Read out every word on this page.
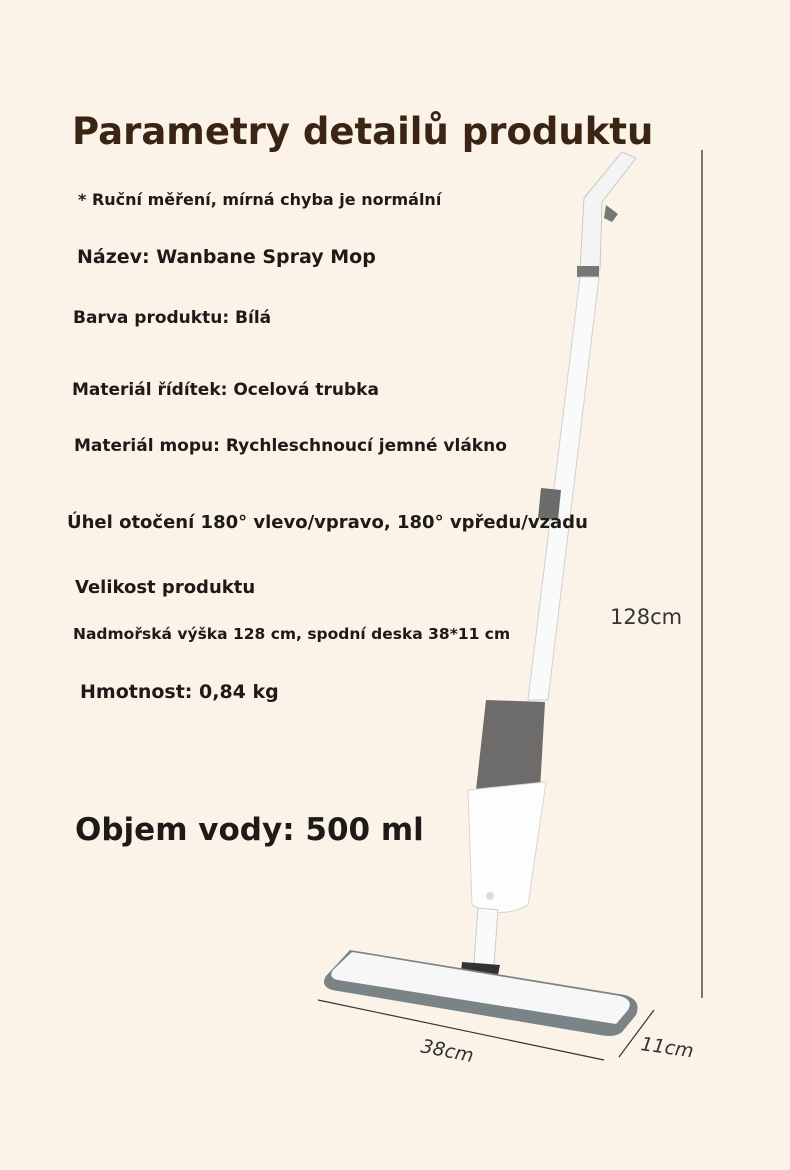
38cm	11cm
128cm
Parametry detailů produktu
* Ruční měření, mírná chyba je normální
Název: Wanbane Spray Mop
Barva produktu: Bílá
Materiál řídítek: Ocelová trubka
Materiál mopu: Rychleschnoucí jemné vlákno
Úhel otočení 180° vlevo/vpravo, 180° vpředu/vzadu
Velikost produktu
Nadmořská výška 128 cm, spodní deska 38*11 cm
Hmotnost: 0,84 kg
Objem vody: 500 ml
